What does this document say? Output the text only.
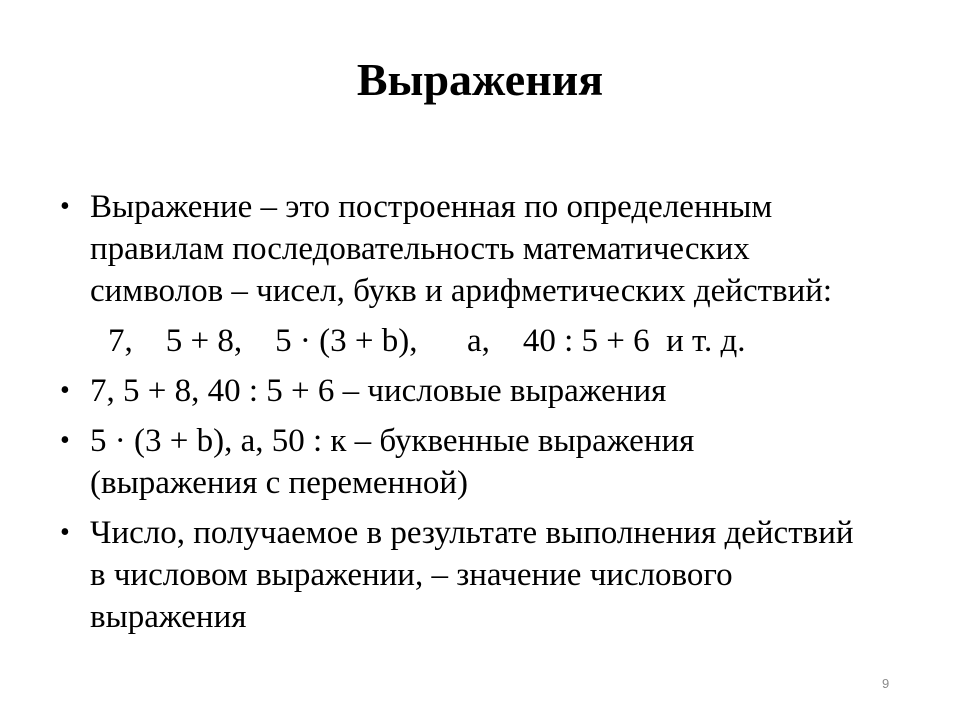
Выражения
• Выражение – это построенная по определенным правилам последовательность математических символов – чисел, букв и арифметических действий:
7,    5 + 8,    5 · (3 + b),      a,    40 : 5 + 6  и т. д.
• 7, 5 + 8, 40 : 5 + 6 – числовые выражения
• 5 · (3 + b), a, 50 : к – буквенные выражения (выражения с переменной)
• Число, получаемое в результате выполнения действий в числовом выражении, – значение числового выражения
9
